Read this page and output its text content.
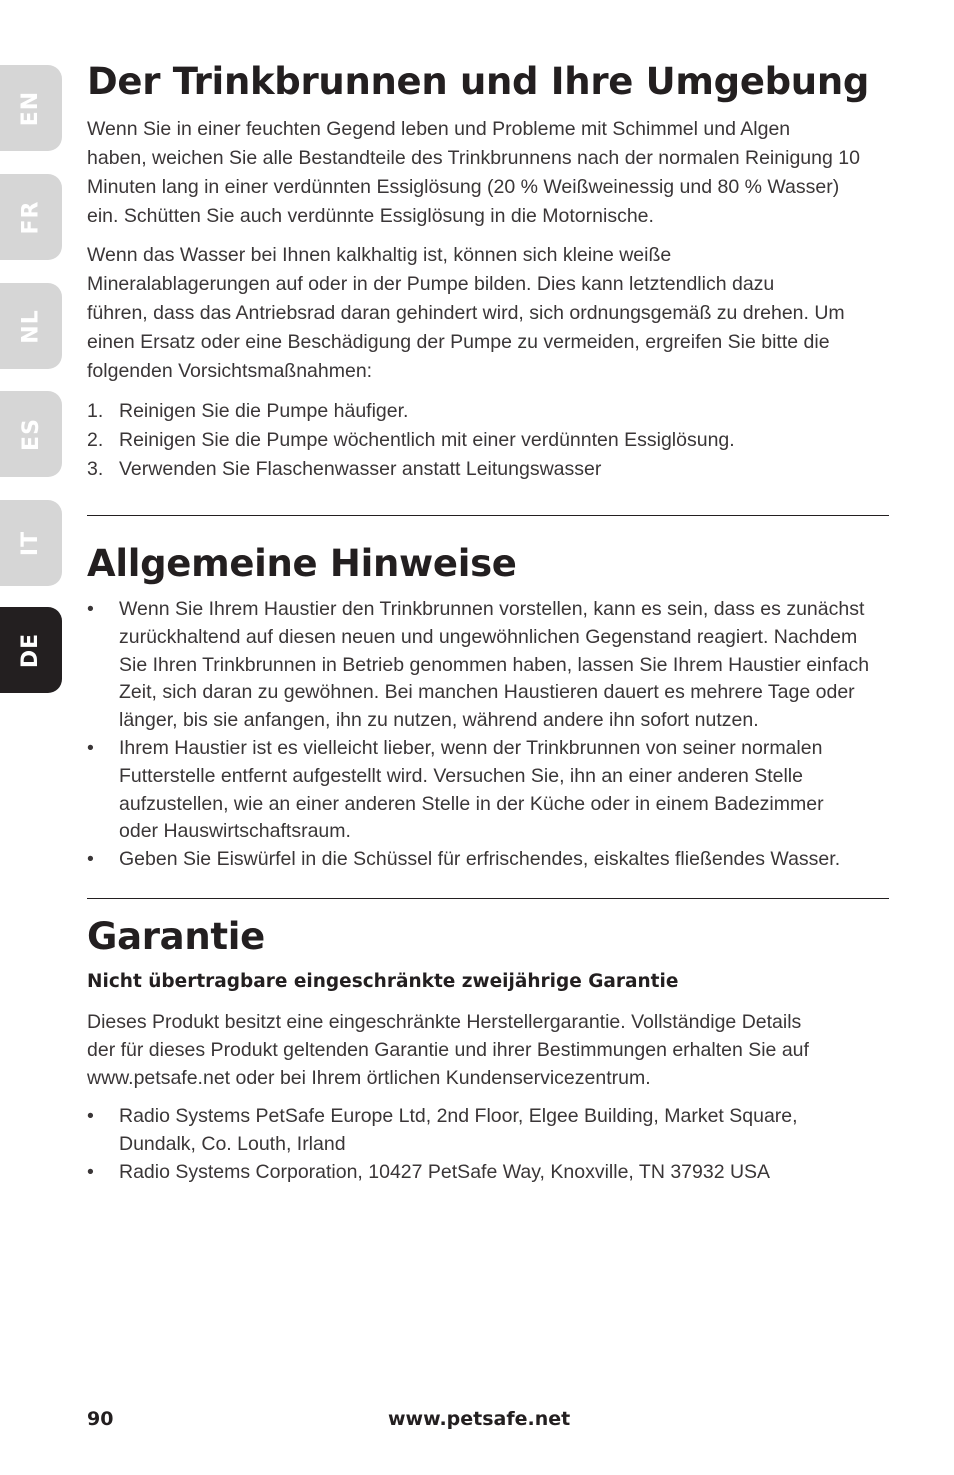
EN
FR
NL
ES
IT
DE
Der Trinkbrunnen und Ihre Umgebung

Wenn Sie in einer feuchten Gegend leben und Probleme mit Schimmel und Algen
haben, weichen Sie alle Bestandteile des Trinkbrunnens nach der normalen Reinigung 10
Minuten lang in einer verdünnten Essiglösung (20 % Weißweinessig und 80 % Wasser)
ein. Schütten Sie auch verdünnte Essiglösung in die Motornische.

Wenn das Wasser bei Ihnen kalkhaltig ist, können sich kleine weiße
Mineralablagerungen auf oder in der Pumpe bilden. Dies kann letztendlich dazu
führen, dass das Antriebsrad daran gehindert wird, sich ordnungsgemäß zu drehen. Um
einen Ersatz oder eine Beschädigung der Pumpe zu vermeiden, ergreifen Sie bitte die
folgenden Vorsichtsmaßnahmen:

1. Reinigen Sie die Pumpe häufiger.
2. Reinigen Sie die Pumpe wöchentlich mit einer verdünnten Essiglösung.
3. Verwenden Sie Flaschenwasser anstatt Leitungswasser
Allgemeine Hinweise
• Wenn Sie Ihrem Haustier den Trinkbrunnen vorstellen, kann es sein, dass es zunächst
zurückhaltend auf diesen neuen und ungewöhnlichen Gegenstand reagiert. Nachdem
Sie Ihren Trinkbrunnen in Betrieb genommen haben, lassen Sie Ihrem Haustier einfach
Zeit, sich daran zu gewöhnen. Bei manchen Haustieren dauert es mehrere Tage oder
länger, bis sie anfangen, ihn zu nutzen, während andere ihn sofort nutzen.
• Ihrem Haustier ist es vielleicht lieber, wenn der Trinkbrunnen von seiner normalen
Futterstelle entfernt aufgestellt wird. Versuchen Sie, ihn an einer anderen Stelle
aufzustellen, wie an einer anderen Stelle in der Küche oder in einem Badezimmer
oder Hauswirtschaftsraum.
• Geben Sie Eiswürfel in die Schüssel für erfrischendes, eiskaltes fließendes Wasser.
Garantie

Nicht übertragbare eingeschränkte zweijährige Garantie

Dieses Produkt besitzt eine eingeschränkte Herstellergarantie. Vollständige Details
der für dieses Produkt geltenden Garantie und ihrer Bestimmungen erhalten Sie auf
www.petsafe.net oder bei Ihrem örtlichen Kundenservicezentrum.

• Radio Systems PetSafe Europe Ltd, 2nd Floor, Elgee Building, Market Square,
Dundalk, Co. Louth, Irland
• Radio Systems Corporation, 10427 PetSafe Way, Knoxville, TN 37932 USA
90	www.petsafe.net
